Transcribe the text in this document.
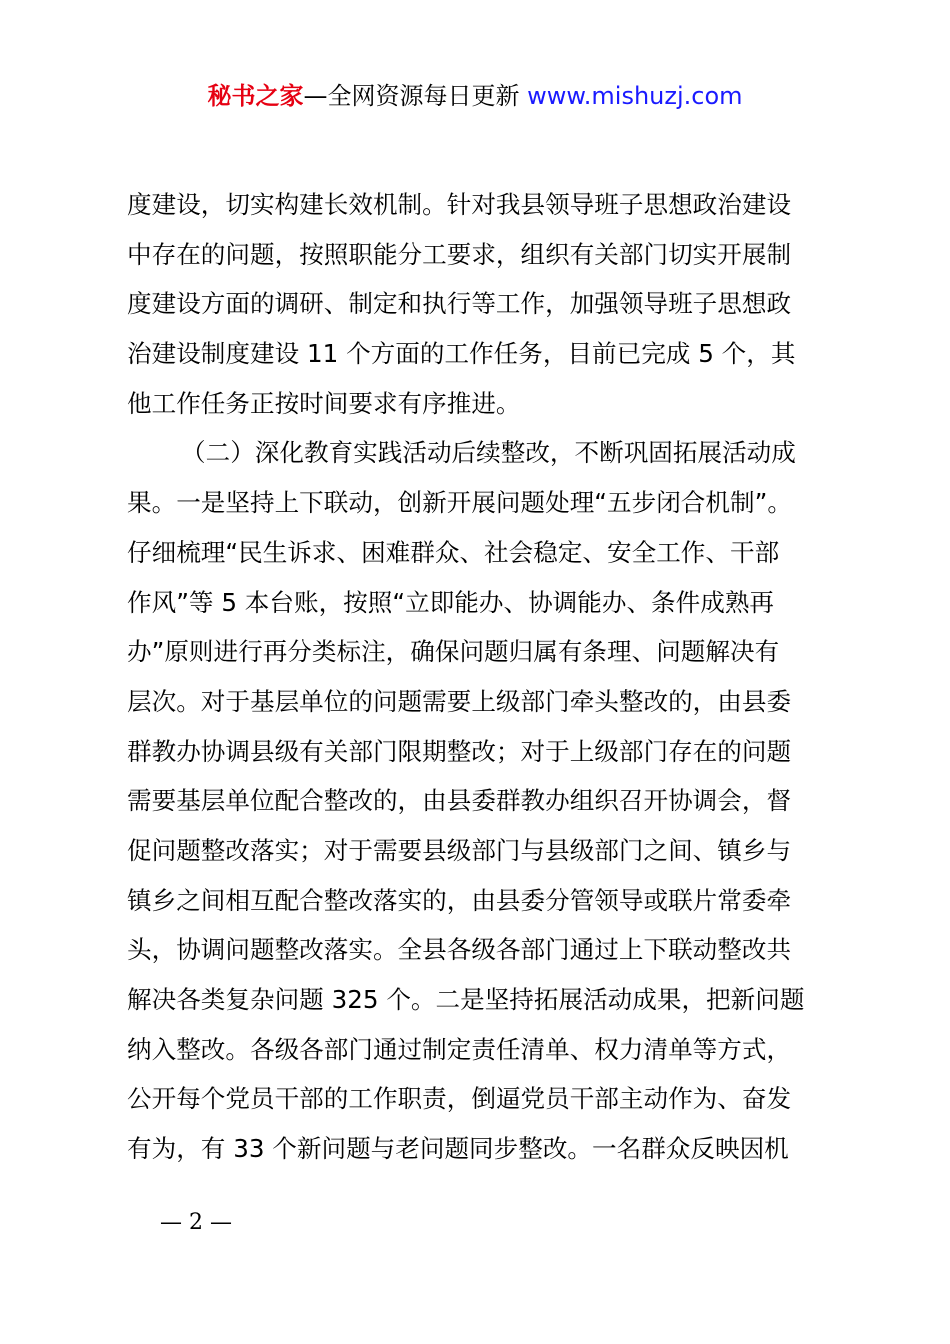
秘书之家—全网资源每日更新 www.mishuzj.com
度建设，切实构建长效机制。针对我县领导班子思想政治建设
中存在的问题，按照职能分工要求，组织有关部门切实开展制
度建设方面的调研、制定和执行等工作，加强领导班子思想政
治建设制度建设 11 个方面的工作任务，目前已完成 5 个，其
他工作任务正按时间要求有序推进。
（二）深化教育实践活动后续整改，不断巩固拓展活动成
果。一是坚持上下联动，创新开展问题处理“五步闭合机制”。
仔细梳理“民生诉求、困难群众、社会稳定、安全工作、干部
作风”等 5 本台账，按照“立即能办、协调能办、条件成熟再
办”原则进行再分类标注，确保问题归属有条理、问题解决有
层次。对于基层单位的问题需要上级部门牵头整改的，由县委
群教办协调县级有关部门限期整改；对于上级部门存在的问题
需要基层单位配合整改的，由县委群教办组织召开协调会，督
促问题整改落实；对于需要县级部门与县级部门之间、镇乡与
镇乡之间相互配合整改落实的，由县委分管领导或联片常委牵
头，协调问题整改落实。全县各级各部门通过上下联动整改共
解决各类复杂问题 325 个。二是坚持拓展活动成果，把新问题
纳入整改。各级各部门通过制定责任清单、权力清单等方式，
公开每个党员干部的工作职责，倒逼党员干部主动作为、奋发
有为，有 33 个新问题与老问题同步整改。一名群众反映因机
— 2 —
